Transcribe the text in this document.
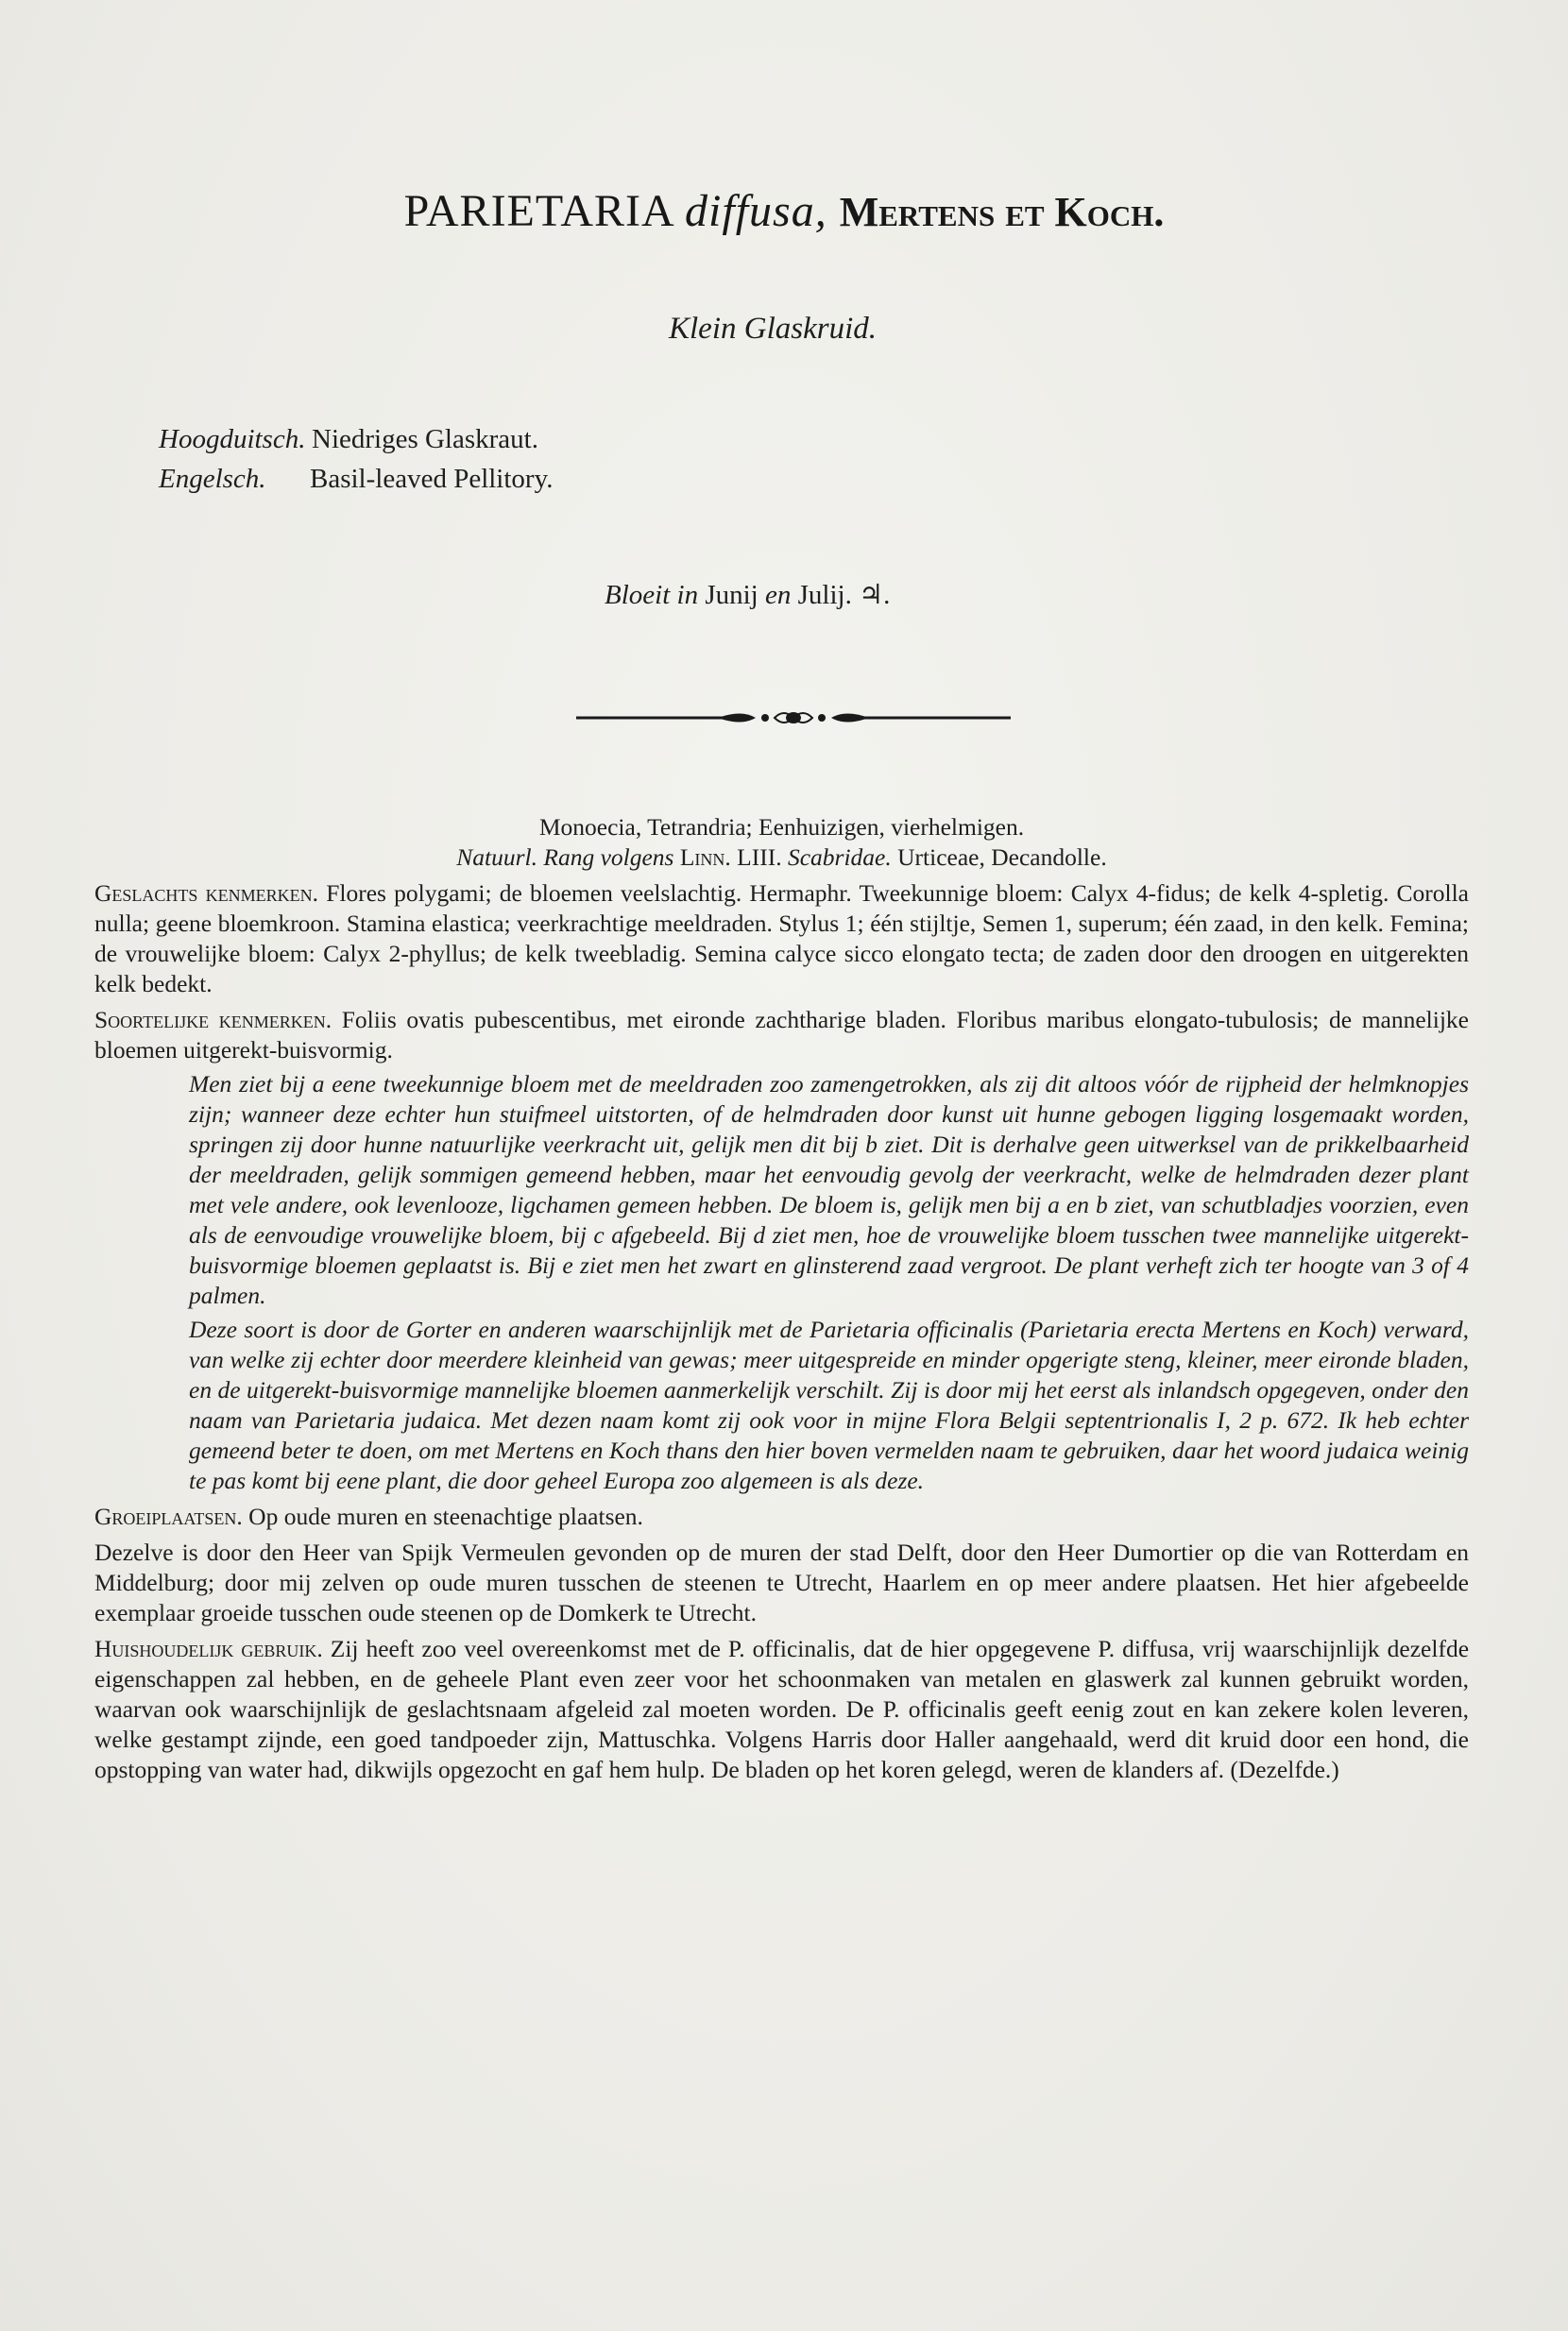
PARIETARIA diffusa, Mertens et Koch.
Klein Glaskruid.
Hoogduitsch. Niedriges Glaskraut.
Engelsch. Basil-leaved Pellitory.
Bloeit in Junij en Julij. ♃.

Monoecia, Tetrandria; Eenhuizigen, vierhelmigen.

Natuurl. Rang volgens Linn. LIII. Scabridae. Urticeae, Decandolle.

Geslachts kenmerken. Flores polygami; de bloemen veelslachtig. Hermaphr. Tweekunnige bloem: Calyx 4-fidus; de kelk 4-spletig. Corolla nulla; geene bloemkroon. Stamina elastica; veerkrachtige meeldraden. Stylus 1; één stijltje, Semen 1, superum; één zaad, in den kelk. Femina; de vrouwelijke bloem: Calyx 2-phyllus; de kelk tweebladig. Semina calyce sicco elongato tecta; de zaden door den droogen en uitgerekten kelk bedekt.

Soortelijke kenmerken. Foliis ovatis pubescentibus, met eironde zachtharige bladen. Floribus maribus elongato-tubulosis; de mannelijke bloemen uitgerekt-buisvormig.

Men ziet bij a eene tweekunnige bloem met de meeldraden zoo zamengetrokken, als zij dit altoos vóór de rijpheid der helmknopjes zijn; wanneer deze echter hun stuifmeel uitstorten, of de helmdraden door kunst uit hunne gebogen ligging losgemaakt worden, springen zij door hunne natuurlijke veerkracht uit, gelijk men dit bij b ziet. Dit is derhalve geen uitwerksel van de prikkelbaarheid der meeldraden, gelijk sommigen gemeend hebben, maar het eenvoudig gevolg der veerkracht, welke de helmdraden dezer plant met vele andere, ook levenlooze, ligchamen gemeen hebben. De bloem is, gelijk men bij a en b ziet, van schutbladjes voorzien, even als de eenvoudige vrouwelijke bloem, bij c afgebeeld. Bij d ziet men, hoe de vrouwelijke bloem tusschen twee mannelijke uitgerekt-buisvormige bloemen geplaatst is. Bij e ziet men het zwart en glinsterend zaad vergroot. De plant verheft zich ter hoogte van 3 of 4 palmen.

Deze soort is door de Gorter en anderen waarschijnlijk met de Parietaria officinalis (Parietaria erecta Mertens en Koch) verward, van welke zij echter door meerdere kleinheid van gewas; meer uitgespreide en minder opgerigte steng, kleiner, meer eironde bladen, en de uitgerekt-buisvormige mannelijke bloemen aanmerkelijk verschilt. Zij is door mij het eerst als inlandsch opgegeven, onder den naam van Parietaria judaica. Met dezen naam komt zij ook voor in mijne Flora Belgii septentrionalis I, 2 p. 672. Ik heb echter gemeend beter te doen, om met Mertens en Koch thans den hier boven vermelden naam te gebruiken, daar het woord judaica weinig te pas komt bij eene plant, die door geheel Europa zoo algemeen is als deze.

Groeiplaatsen. Op oude muren en steenachtige plaatsen.

Dezelve is door den Heer van Spijk Vermeulen gevonden op de muren der stad Delft, door den Heer Dumortier op die van Rotterdam en Middelburg; door mij zelven op oude muren tusschen de steenen te Utrecht, Haarlem en op meer andere plaatsen. Het hier afgebeelde exemplaar groeide tusschen oude steenen op de Domkerk te Utrecht.

Huishoudelijk gebruik. Zij heeft zoo veel overeenkomst met de P. officinalis, dat de hier opgegevene P. diffusa, vrij waarschijnlijk dezelfde eigenschappen zal hebben, en de geheele Plant even zeer voor het schoonmaken van metalen en glaswerk zal kunnen gebruikt worden, waarvan ook waarschijnlijk de geslachtsnaam afgeleid zal moeten worden. De P. officinalis geeft eenig zout en kan zekere kolen leveren, welke gestampt zijnde, een goed tandpoeder zijn, Mattuschka. Volgens Harris door Haller aangehaald, werd dit kruid door een hond, die opstopping van water had, dikwijls opgezocht en gaf hem hulp. De bladen op het koren gelegd, weren de klanders af. (Dezelfde.)
